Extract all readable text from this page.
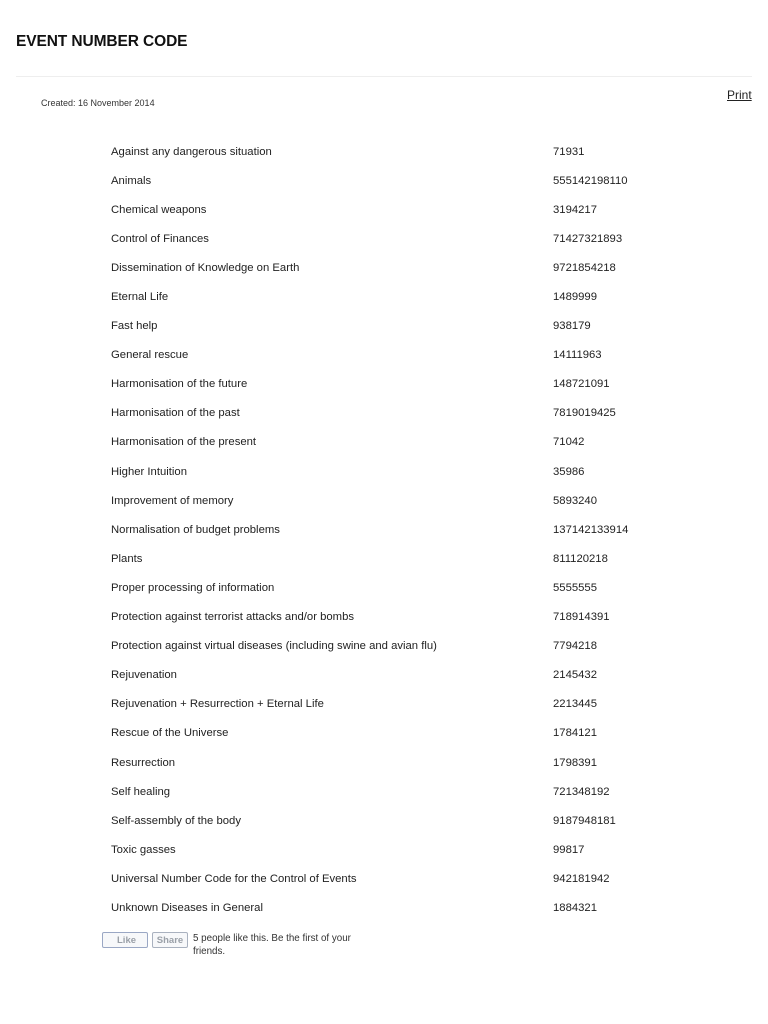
EVENT NUMBER CODE
Print
Created: 16 November 2014
Against any dangerous situation	71931
Animals	555142198110
Chemical weapons	3194217
Control of Finances	71427321893
Dissemination of Knowledge on Earth	9721854218
Eternal Life	1489999
Fast help	938179
General rescue	14111963
Harmonisation of the future	148721091
Harmonisation of the past	7819019425
Harmonisation of the present	71042
Higher Intuition	35986
Improvement of memory	5893240
Normalisation of budget problems	137142133914
Plants	811120218
Proper processing of information	5555555
Protection against terrorist attacks and/or bombs	718914391
Protection against virtual diseases (including swine and avian flu)	7794218
Rejuvenation	2145432
Rejuvenation + Resurrection + Eternal Life	2213445
Rescue of the Universe	1784121
Resurrection	1798391
Self healing	721348192
Self-assembly of the body	9187948181
Toxic gasses	99817
Universal Number Code for the Control of Events	942181942
Unknown Diseases in General	1884321
Like	Share 5 people like this. Be the first of your friends.
